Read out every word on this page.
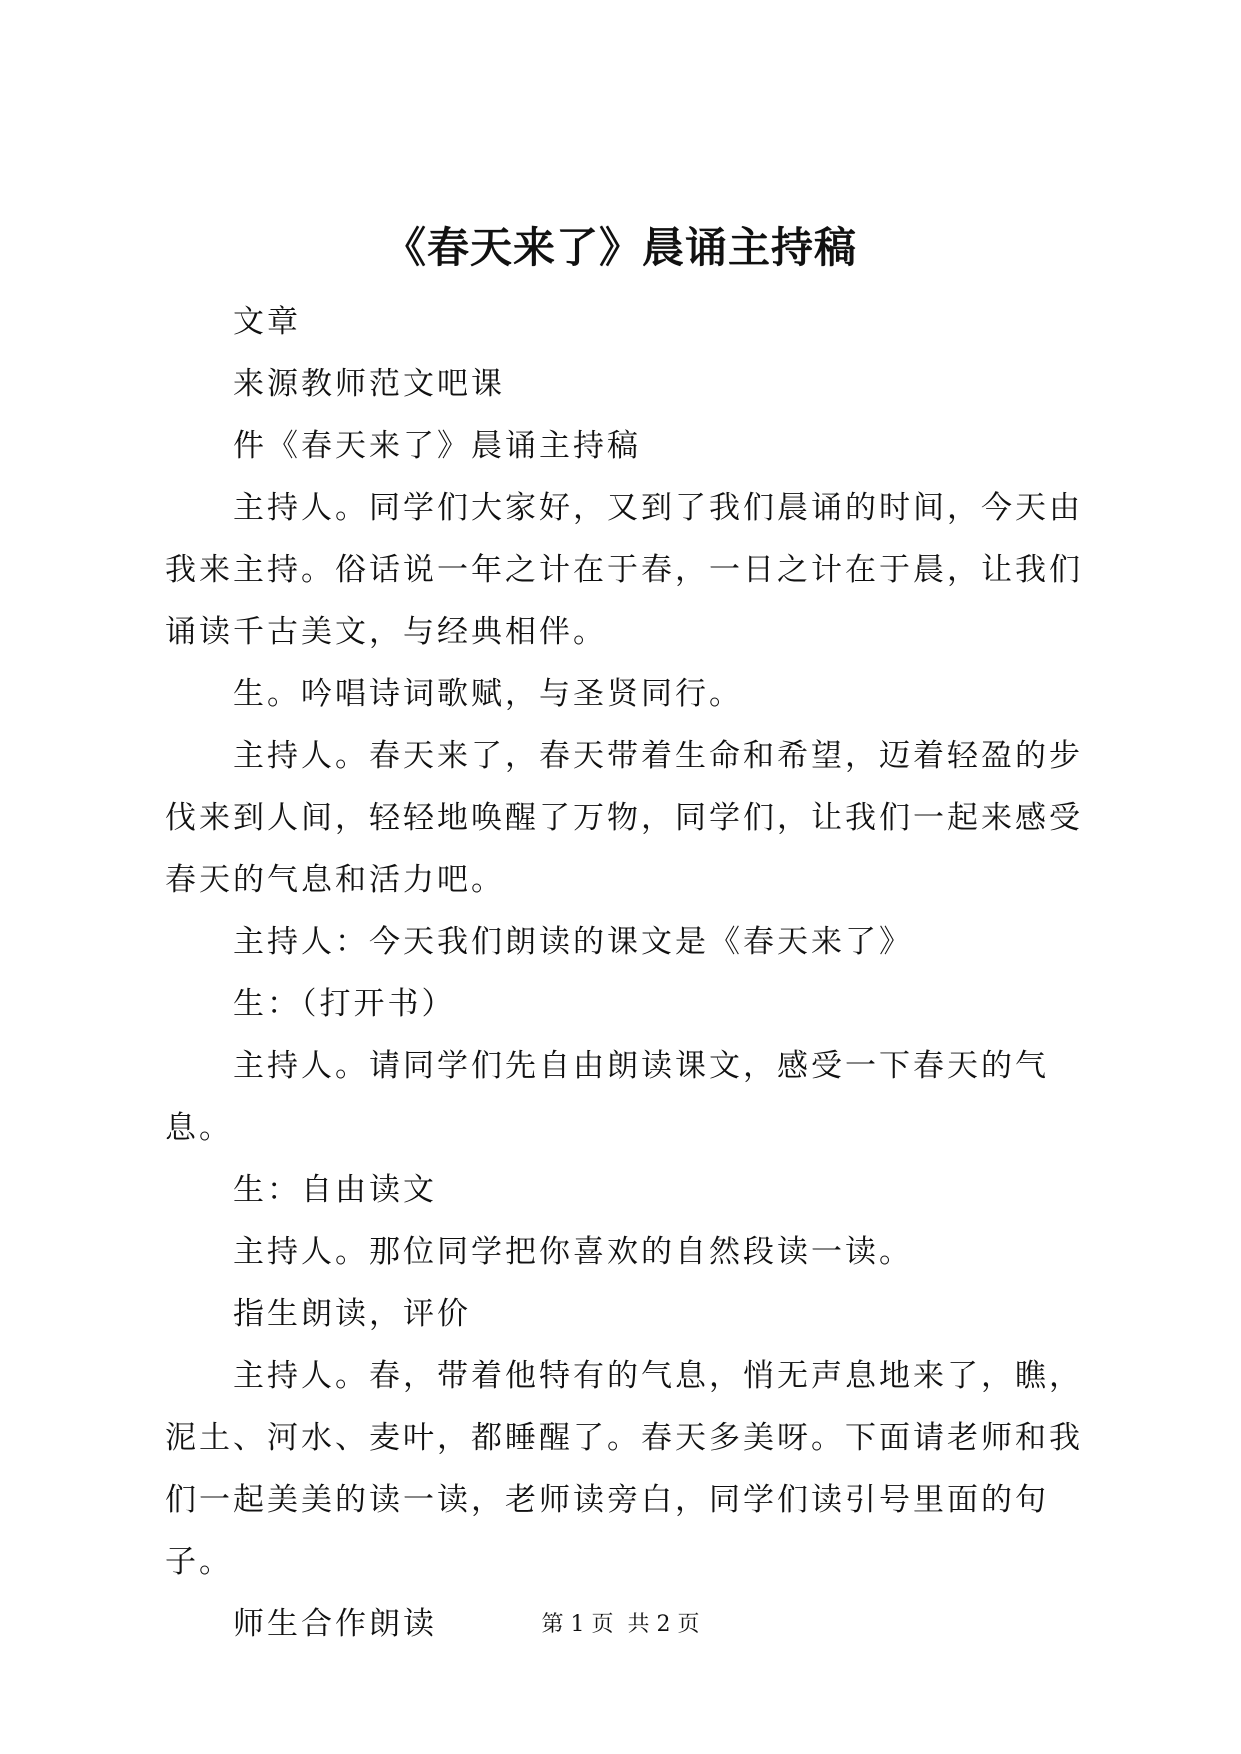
《春天来了》晨诵主持稿

文章

来源教师范文吧课

件《春天来了》晨诵主持稿

主持人。同学们大家好，又到了我们晨诵的时间，今天由我来主持。俗话说一年之计在于春，一日之计在于晨，让我们诵读千古美文，与经典相伴。

生。吟唱诗词歌赋，与圣贤同行。

主持人。春天来了，春天带着生命和希望，迈着轻盈的步伐来到人间，轻轻地唤醒了万物，同学们，让我们一起来感受春天的气息和活力吧。

主持人：今天我们朗读的课文是《春天来了》

生：（打开书）

主持人。请同学们先自由朗读课文，感受一下春天的气息。

生：自由读文

主持人。那位同学把你喜欢的自然段读一读。

指生朗读，评价

主持人。春，带着他特有的气息，悄无声息地来了，瞧，泥土、河水、麦叶，都睡醒了。春天多美呀。下面请老师和我们一起美美的读一读，老师读旁白，同学们读引号里面的句子。

师生合作朗读	第 1 页 共 2 页
